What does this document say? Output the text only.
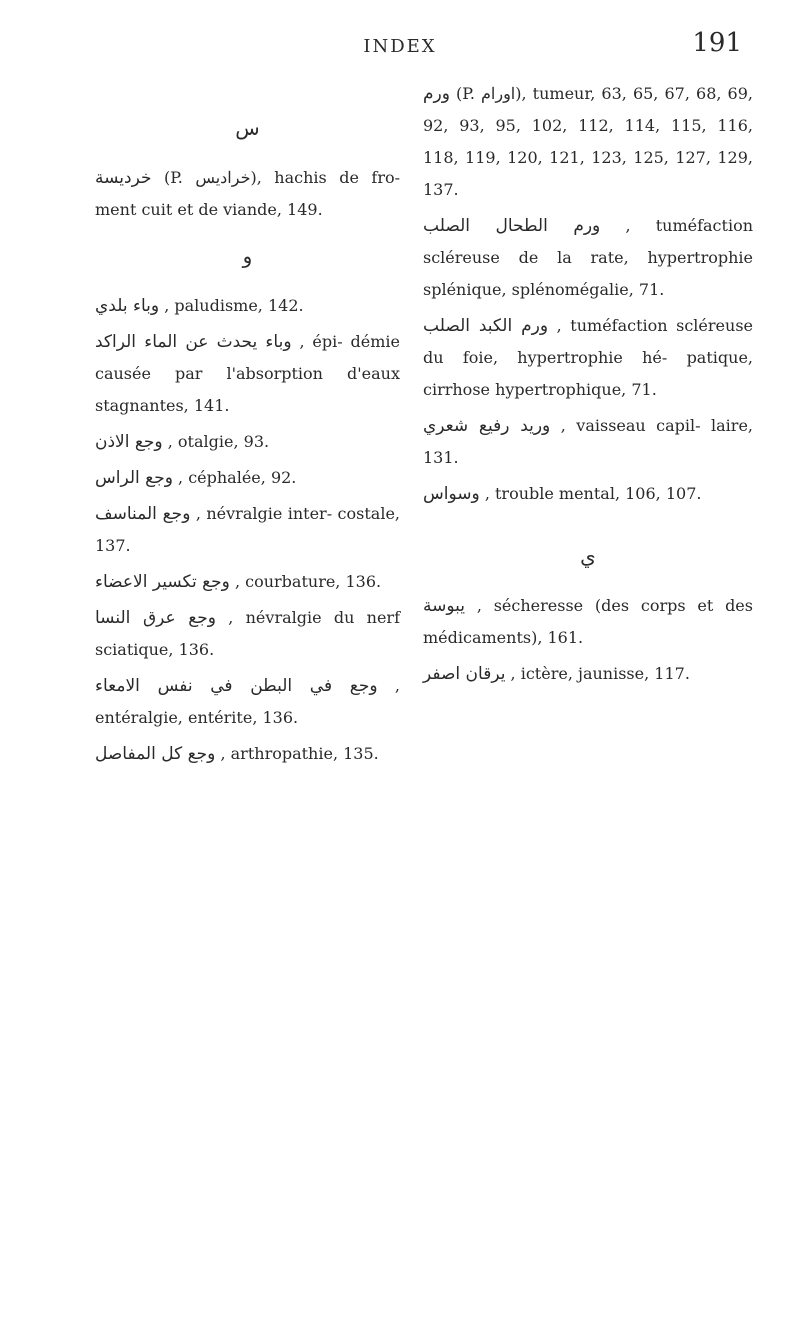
INDEX	191
ﺱ

ﺧﺮﺩﻳﺴﺔ (P. ﺧﺮﺍﺩﻳﺲ), hachis de fro- ment cuit et de viande, 149.

ﻭ

ﻭﺑﺎﺀ ﺑﻠﺪﻱ , paludisme, 142.

ﻭﺑﺎﺀ ﻳﺤﺪﺙ ﻋﻦ ﺍﻟﻤﺎﺀ ﺍﻟﺮﺍﻛﺪ , épi- démie causée par l'absorption d'eaux stagnantes, 141.

ﻭﺟﻊ ﺍﻻﺫﻥ , otalgie, 93.

ﻭﺟﻊ ﺍﻟﺮﺍﺱ , céphalée, 92.

ﻭﺟﻊ ﺍﻟﻤﻨﺎﺳﻒ , névralgie inter- costale, 137.

ﻭﺟﻊ ﺗﻜﺴﻴﺮ ﺍﻻﻋﻀﺎﺀ , courbature, 136.

ﻭﺟﻊ ﻋﺮﻕ ﺍﻟﻨﺴﺎ , névralgie du nerf sciatique, 136.

ﻭﺟﻊ ﻓﻲ ﺍﻟﺒﻄﻦ ﻓﻲ ﻧﻔﺲ ﺍﻻﻣﻌﺎﺀ , entéralgie, entérite, 136.

ﻭﺟﻊ ﻛﻞ ﺍﻟﻤﻔﺎﺻﻞ , arthropathie, 135.

ﻭﺭﻡ (P. ﺍﻭﺭﺍﻡ), tumeur, 63, 65, 67, 68, 69, 92, 93, 95, 102, 112, 114, 115, 116, 118, 119, 120, 121, 123, 125, 127, 129, 137.

ﻭﺭﻡ ﺍﻟﻄﺤﺎﻝ ﺍﻟﺼﻠﺐ , tuméfaction scléreuse de la rate, hypertrophie splénique, splénomégalie, 71.

ﻭﺭﻡ ﺍﻟﻜﺒﺪ ﺍﻟﺼﻠﺐ , tuméfaction scléreuse du foie, hypertrophie hé- patique, cirrhose hypertrophique, 71.

ﻭﺭﻳﺪ ﺭﻓﻴﻊ ﺷﻌﺮﻱ , vaisseau capil- laire, 131.

ﻭﺳﻮﺍﺱ , trouble mental, 106, 107.

ﻱ

ﻳﺒﻮﺳﺔ , sécheresse (des corps et des médicaments), 161.

ﻳﺮﻗﺎﻥ ﺍﺻﻔﺮ , ictère, jaunisse, 117.
